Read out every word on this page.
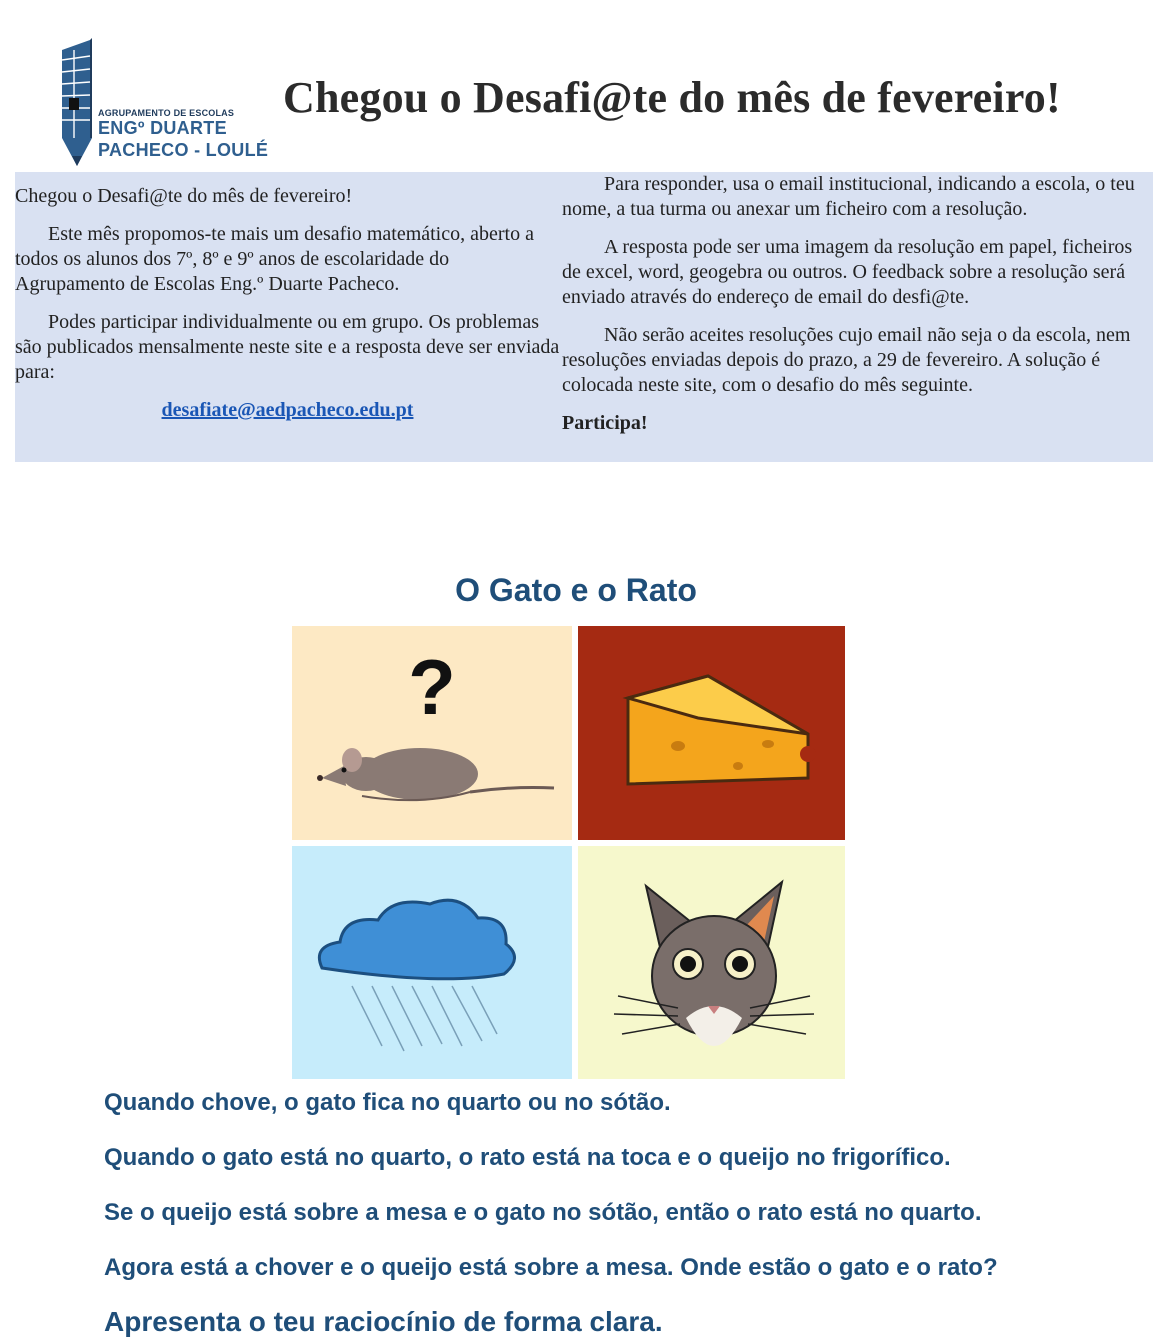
AGRUPAMENTO DE ESCOLAS
ENGº DUARTE
PACHECO - LOULÉ
Chegou o Desafi@te do mês de fevereiro!

Chegou o Desafi@te do mês de fevereiro!

Este mês propomos-te mais um desafio matemático, aberto a todos os alunos dos 7º, 8º e 9º anos de escolaridade do Agrupamento de Escolas Eng.º Duarte Pacheco.

Podes participar individualmente ou em grupo. Os problemas são publicados mensalmente neste site e a resposta deve ser enviada para:

desafiate@aedpacheco.edu.pt

Para responder, usa o email institucional, indicando a escola, o teu nome, a tua turma ou anexar um ficheiro com a resolução.

A resposta pode ser uma imagem da resolução em papel, ficheiros de excel, word, geogebra ou outros. O feedback sobre a resolução será enviado através do endereço de email do desfi@te.

Não serão aceites resoluções cujo email não seja o da escola, nem resoluções enviadas depois do prazo, a 29 de fevereiro. A solução é colocada neste site, com o desafio do mês seguinte.

Participa!

O Gato e o Rato
?
Quando chove, o gato fica no quarto ou no sótão.
Quando o gato está no quarto, o rato está na toca e o queijo no frigorífico.
Se o queijo está sobre a mesa e o gato no sótão, então o rato está no quarto.
Agora está a chover e o queijo está sobre a mesa. Onde estão o gato e o rato?
Apresenta o teu raciocínio de forma clara.
